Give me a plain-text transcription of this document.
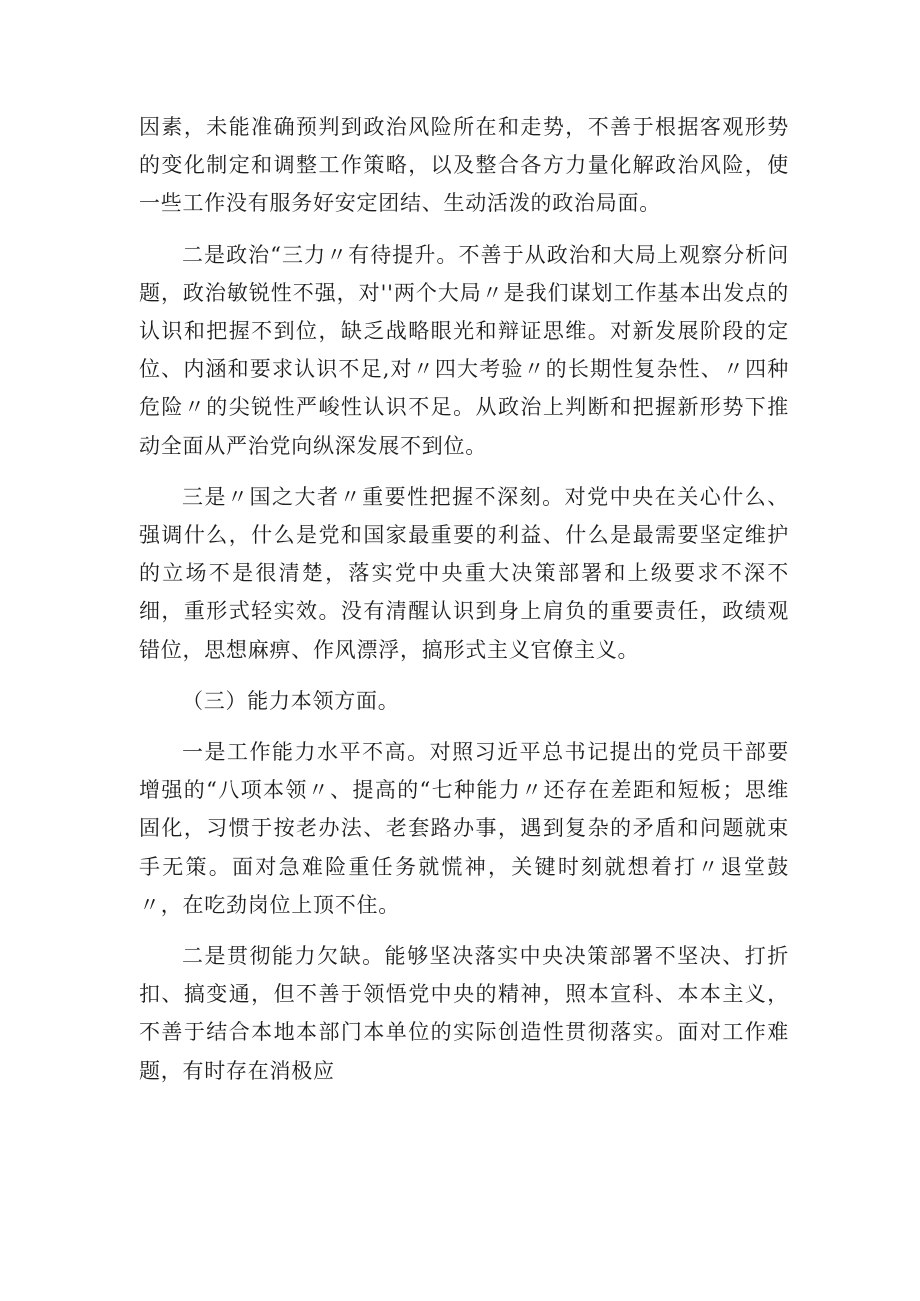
因素，未能准确预判到政治风险所在和走势，不善于根据客观形势的变化制定和调整工作策略，以及整合各方力量化解政治风险，使一些工作没有服务好安定团结、生动活泼的政治局面。

二是政治“三力〃有待提升。不善于从政治和大局上观察分析问题，政治敏锐性不强，对''两个大局〃是我们谋划工作基本出发点的认识和把握不到位，缺乏战略眼光和辩证思维。对新发展阶段的定位、内涵和要求认识不足,对〃四大考验〃的长期性复杂性、〃四种危险〃的尖锐性严峻性认识不足。从政治上判断和把握新形势下推动全面从严治党向纵深发展不到位。

三是〃国之大者〃重要性把握不深刻。对党中央在关心什么、强调什么，什么是党和国家最重要的利益、什么是最需要坚定维护的立场不是很清楚，落实党中央重大决策部署和上级要求不深不细，重形式轻实效。没有清醒认识到身上肩负的重要责任，政绩观错位，思想麻痹、作风漂浮，搞形式主义官僚主义。

（三）能力本领方面。

一是工作能力水平不高。对照习近平总书记提出的党员干部要增强的“八项本领〃、提高的“七种能力〃还存在差距和短板；思维固化，习惯于按老办法、老套路办事，遇到复杂的矛盾和问题就束手无策。面对急难险重任务就慌神，关键时刻就想着打〃退堂鼓〃，在吃劲岗位上顶不住。

二是贯彻能力欠缺。能够坚决落实中央决策部署不坚决、打折扣、搞变通，但不善于领悟党中央的精神，照本宣科、本本主义，不善于结合本地本部门本单位的实际创造性贯彻落实。面对工作难题，有时存在消极应
